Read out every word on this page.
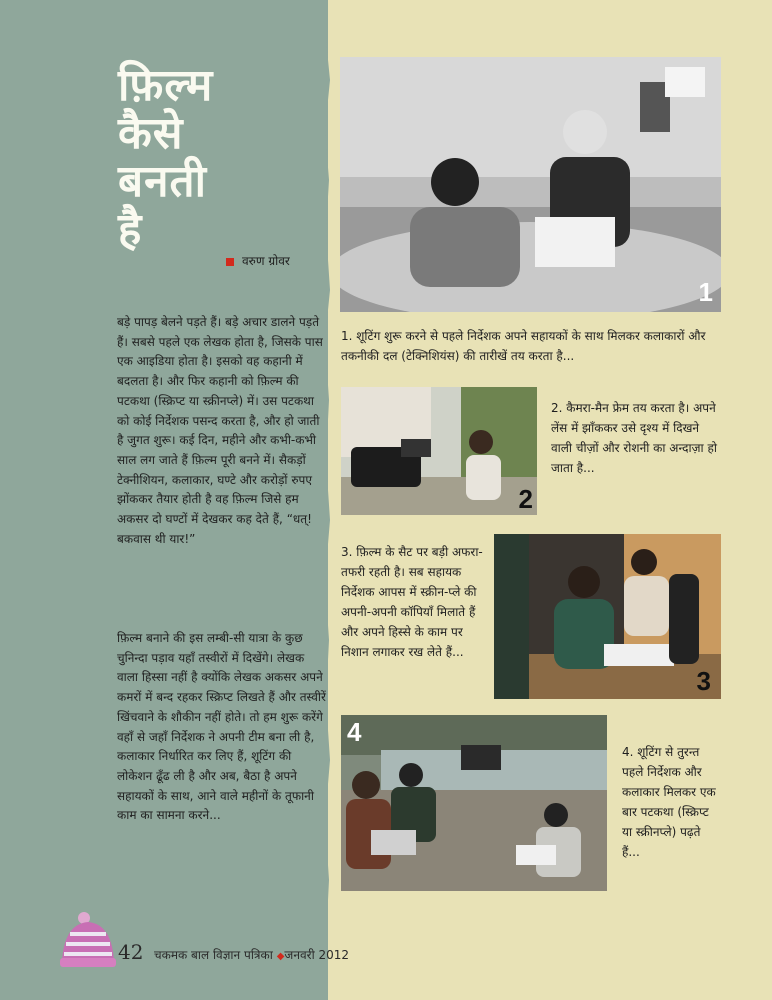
फ़िल्म
कैसे
बनती
है
वरुण ग्रोवर

बड़े पापड़ बेलने पड़ते हैं। बड़े अचार डालने पड़ते हैं। सबसे पहले एक लेखक होता है, जिसके पास एक आइडिया होता है। इसको वह कहानी में बदलता है। और फिर कहानी को फ़िल्म की पटकथा (स्क्रिप्ट या स्क्रीनप्ले) में। उस पटकथा को कोई निर्देशक पसन्द करता है, और हो जाती है जुगत शुरू। कई दिन, महीने और कभी-कभी साल लग जाते हैं फ़िल्म पूरी बनने में। सैकड़ों टेक्नीशियन, कलाकार, घण्टे और करोड़ों रुपए झोंककर तैयार होती है वह फ़िल्म जिसे हम अकसर दो घण्टों में देखकर कह देते हैं, “धत्! बकवास थी यार!”

फ़िल्म बनाने की इस लम्बी-सी यात्रा के कुछ चुनिन्दा पड़ाव यहाँ तस्वीरों में दिखेंगे। लेखक वाला हिस्सा नहीं है क्योंकि लेखक अकसर अपने कमरों में बन्द रहकर स्क्रिप्ट लिखते हैं और तस्वीरें खिंचवाने के शौकीन नहीं होते। तो हम शुरू करेंगे वहाँ से जहाँ निर्देशक ने अपनी टीम बना ली है, कलाकार निर्धारित कर लिए हैं, शूटिंग की लोकेशन ढूँढ ली है और अब, बैठा है अपने सहायकों के साथ, आने वाले महीनों के तूफानी काम का सामना करने...

1

1. शूटिंग शुरू करने से पहले निर्देशक अपने सहायकों के साथ मिलकर कलाकारों और तकनीकी दल (टेक्निशियंस) की तारीखें तय करता है...

2

2. कैमरा-मैन फ्रेम तय करता है। अपने लेंस में झाँककर उसे दृश्य में दिखने वाली चीज़ों और रोशनी का अन्दाज़ा हो जाता है...

3

3. फ़िल्म के सैट पर बड़ी अफरा-तफरी रहती है। सब सहायक निर्देशक आपस में स्क्रीन-प्ले की अपनी-अपनी कॉपियाँ मिलाते हैं और अपने हिस्से के काम पर निशान लगाकर रख लेते हैं...

4

4. शूटिंग से तुरन्त पहले निर्देशक और कलाकार मिलकर एक बार पटकथा (स्क्रिप्ट या स्क्रीनप्ले) पढ़ते हैं...

42 चकमक बाल विज्ञान पत्रिका ◆जनवरी 2012
